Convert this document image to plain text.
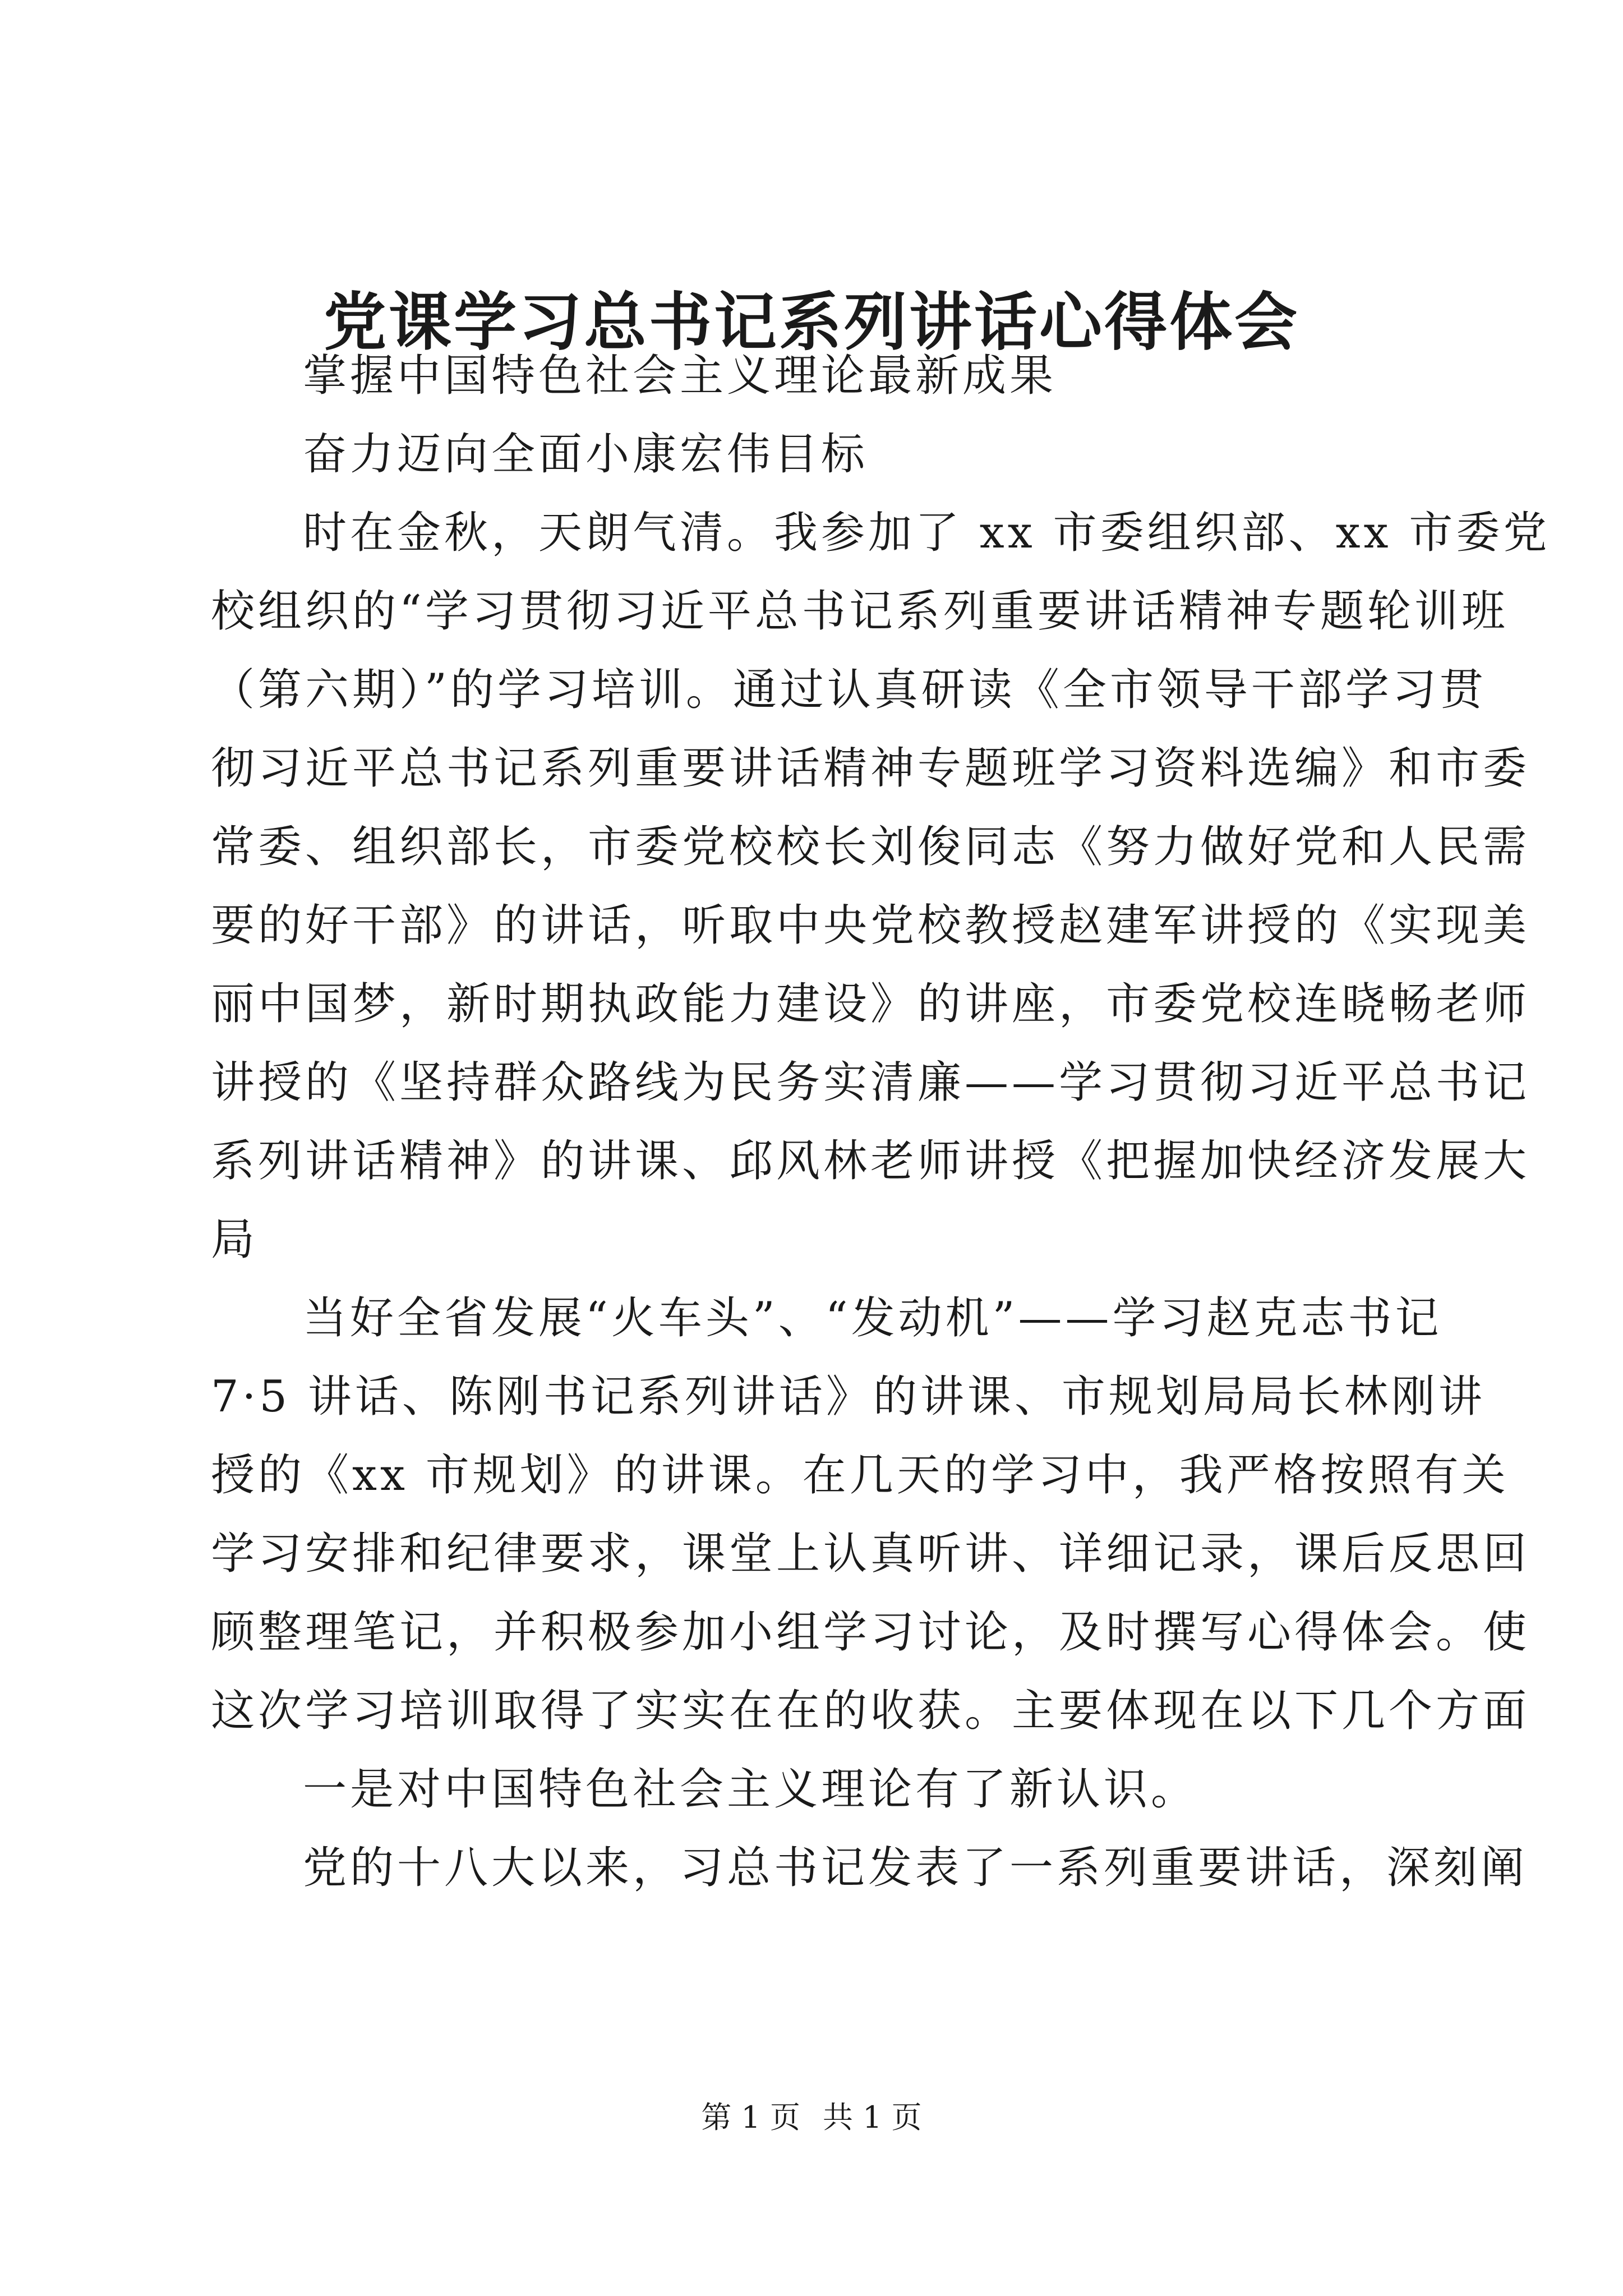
党课学习总书记系列讲话心得体会
掌握中国特色社会主义理论最新成果
奋力迈向全面小康宏伟目标
时在金秋，天朗气清。我参加了 xx 市委组织部、xx 市委党
校组织的“学习贯彻习近平总书记系列重要讲话精神专题轮训班
（第六期）”的学习培训。通过认真研读《全市领导干部学习贯
彻习近平总书记系列重要讲话精神专题班学习资料选编》和市委
常委、组织部长，市委党校校长刘俊同志《努力做好党和人民需
要的好干部》的讲话，听取中央党校教授赵建军讲授的《实现美
丽中国梦，新时期执政能力建设》的讲座，市委党校连晓畅老师
讲授的《坚持群众路线为民务实清廉——学习贯彻习近平总书记
系列讲话精神》的讲课、邱风林老师讲授《把握加快经济发展大
局
当好全省发展“火车头”、“发动机”——学习赵克志书记
7·5 讲话、陈刚书记系列讲话》的讲课、市规划局局长林刚讲
授的《xx 市规划》的讲课。在几天的学习中，我严格按照有关
学习安排和纪律要求，课堂上认真听讲、详细记录，课后反思回
顾整理笔记，并积极参加小组学习讨论，及时撰写心得体会。使
这次学习培训取得了实实在在的收获。主要体现在以下几个方面
一是对中国特色社会主义理论有了新认识。
党的十八大以来，习总书记发表了一系列重要讲话，深刻阐
第 1 页 共 1 页
